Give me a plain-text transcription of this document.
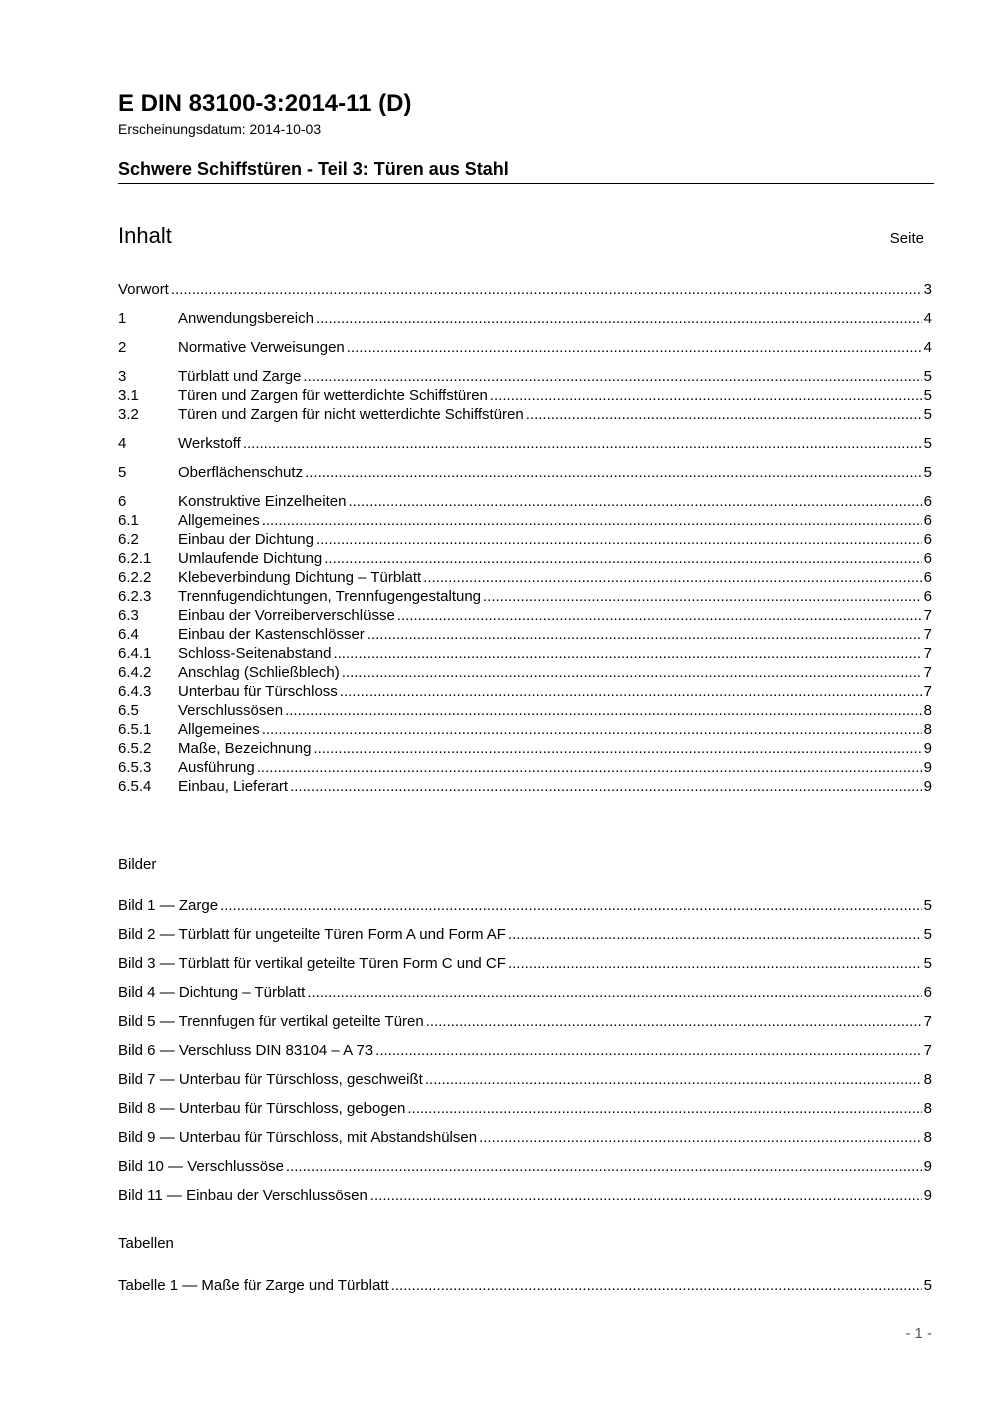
E DIN 83100-3:2014-11 (D)
Erscheinungsdatum: 2014-10-03
Schwere Schiffstüren - Teil 3: Türen aus Stahl
Inhalt	Seite
Vorwort .....	3
1	Anwendungsbereich .....	4
2	Normative Verweisungen .....	4
3	Türblatt und Zarge .....	5
3.1	Türen und Zargen für wetterdichte Schiffstüren .....	5
3.2	Türen und Zargen für nicht wetterdichte Schiffstüren .....	5
4	Werkstoff .....	5
5	Oberflächenschutz .....	5
6	Konstruktive Einzelheiten .....	6
6.1	Allgemeines .....	6
6.2	Einbau der Dichtung .....	6
6.2.1	Umlaufende Dichtung .....	6
6.2.2	Klebeverbindung Dichtung – Türblatt .....	6
6.2.3	Trennfugendichtungen, Trennfugengestaltung .....	6
6.3	Einbau der Vorreiberverschlüsse .....	7
6.4	Einbau der Kastenschlösser .....	7
6.4.1	Schloss-Seitenabstand .....	7
6.4.2	Anschlag (Schließblech) .....	7
6.4.3	Unterbau für Türschloss .....	7
6.5	Verschlussösen .....	8
6.5.1	Allgemeines .....	8
6.5.2	Maße, Bezeichnung .....	9
6.5.3	Ausführung .....	9
6.5.4	Einbau, Lieferart .....	9
Bilder
Bild 1 — Zarge .....	5
Bild 2 — Türblatt für ungeteilte Türen Form A und Form AF .....	5
Bild 3 — Türblatt für vertikal geteilte Türen Form C und CF .....	5
Bild 4 — Dichtung – Türblatt .....	6
Bild 5 — Trennfugen für vertikal geteilte Türen .....	7
Bild 6 — Verschluss DIN 83104 – A 73 .....	7
Bild 7 — Unterbau für Türschloss, geschweißt .....	8
Bild 8 — Unterbau für Türschloss, gebogen .....	8
Bild 9 — Unterbau für Türschloss, mit Abstandshülsen .....	8
Bild 10 — Verschlussöse .....	9
Bild 11 — Einbau der Verschlussösen .....	9
Tabellen
Tabelle 1 — Maße für Zarge und Türblatt .....	5
- 1 -
